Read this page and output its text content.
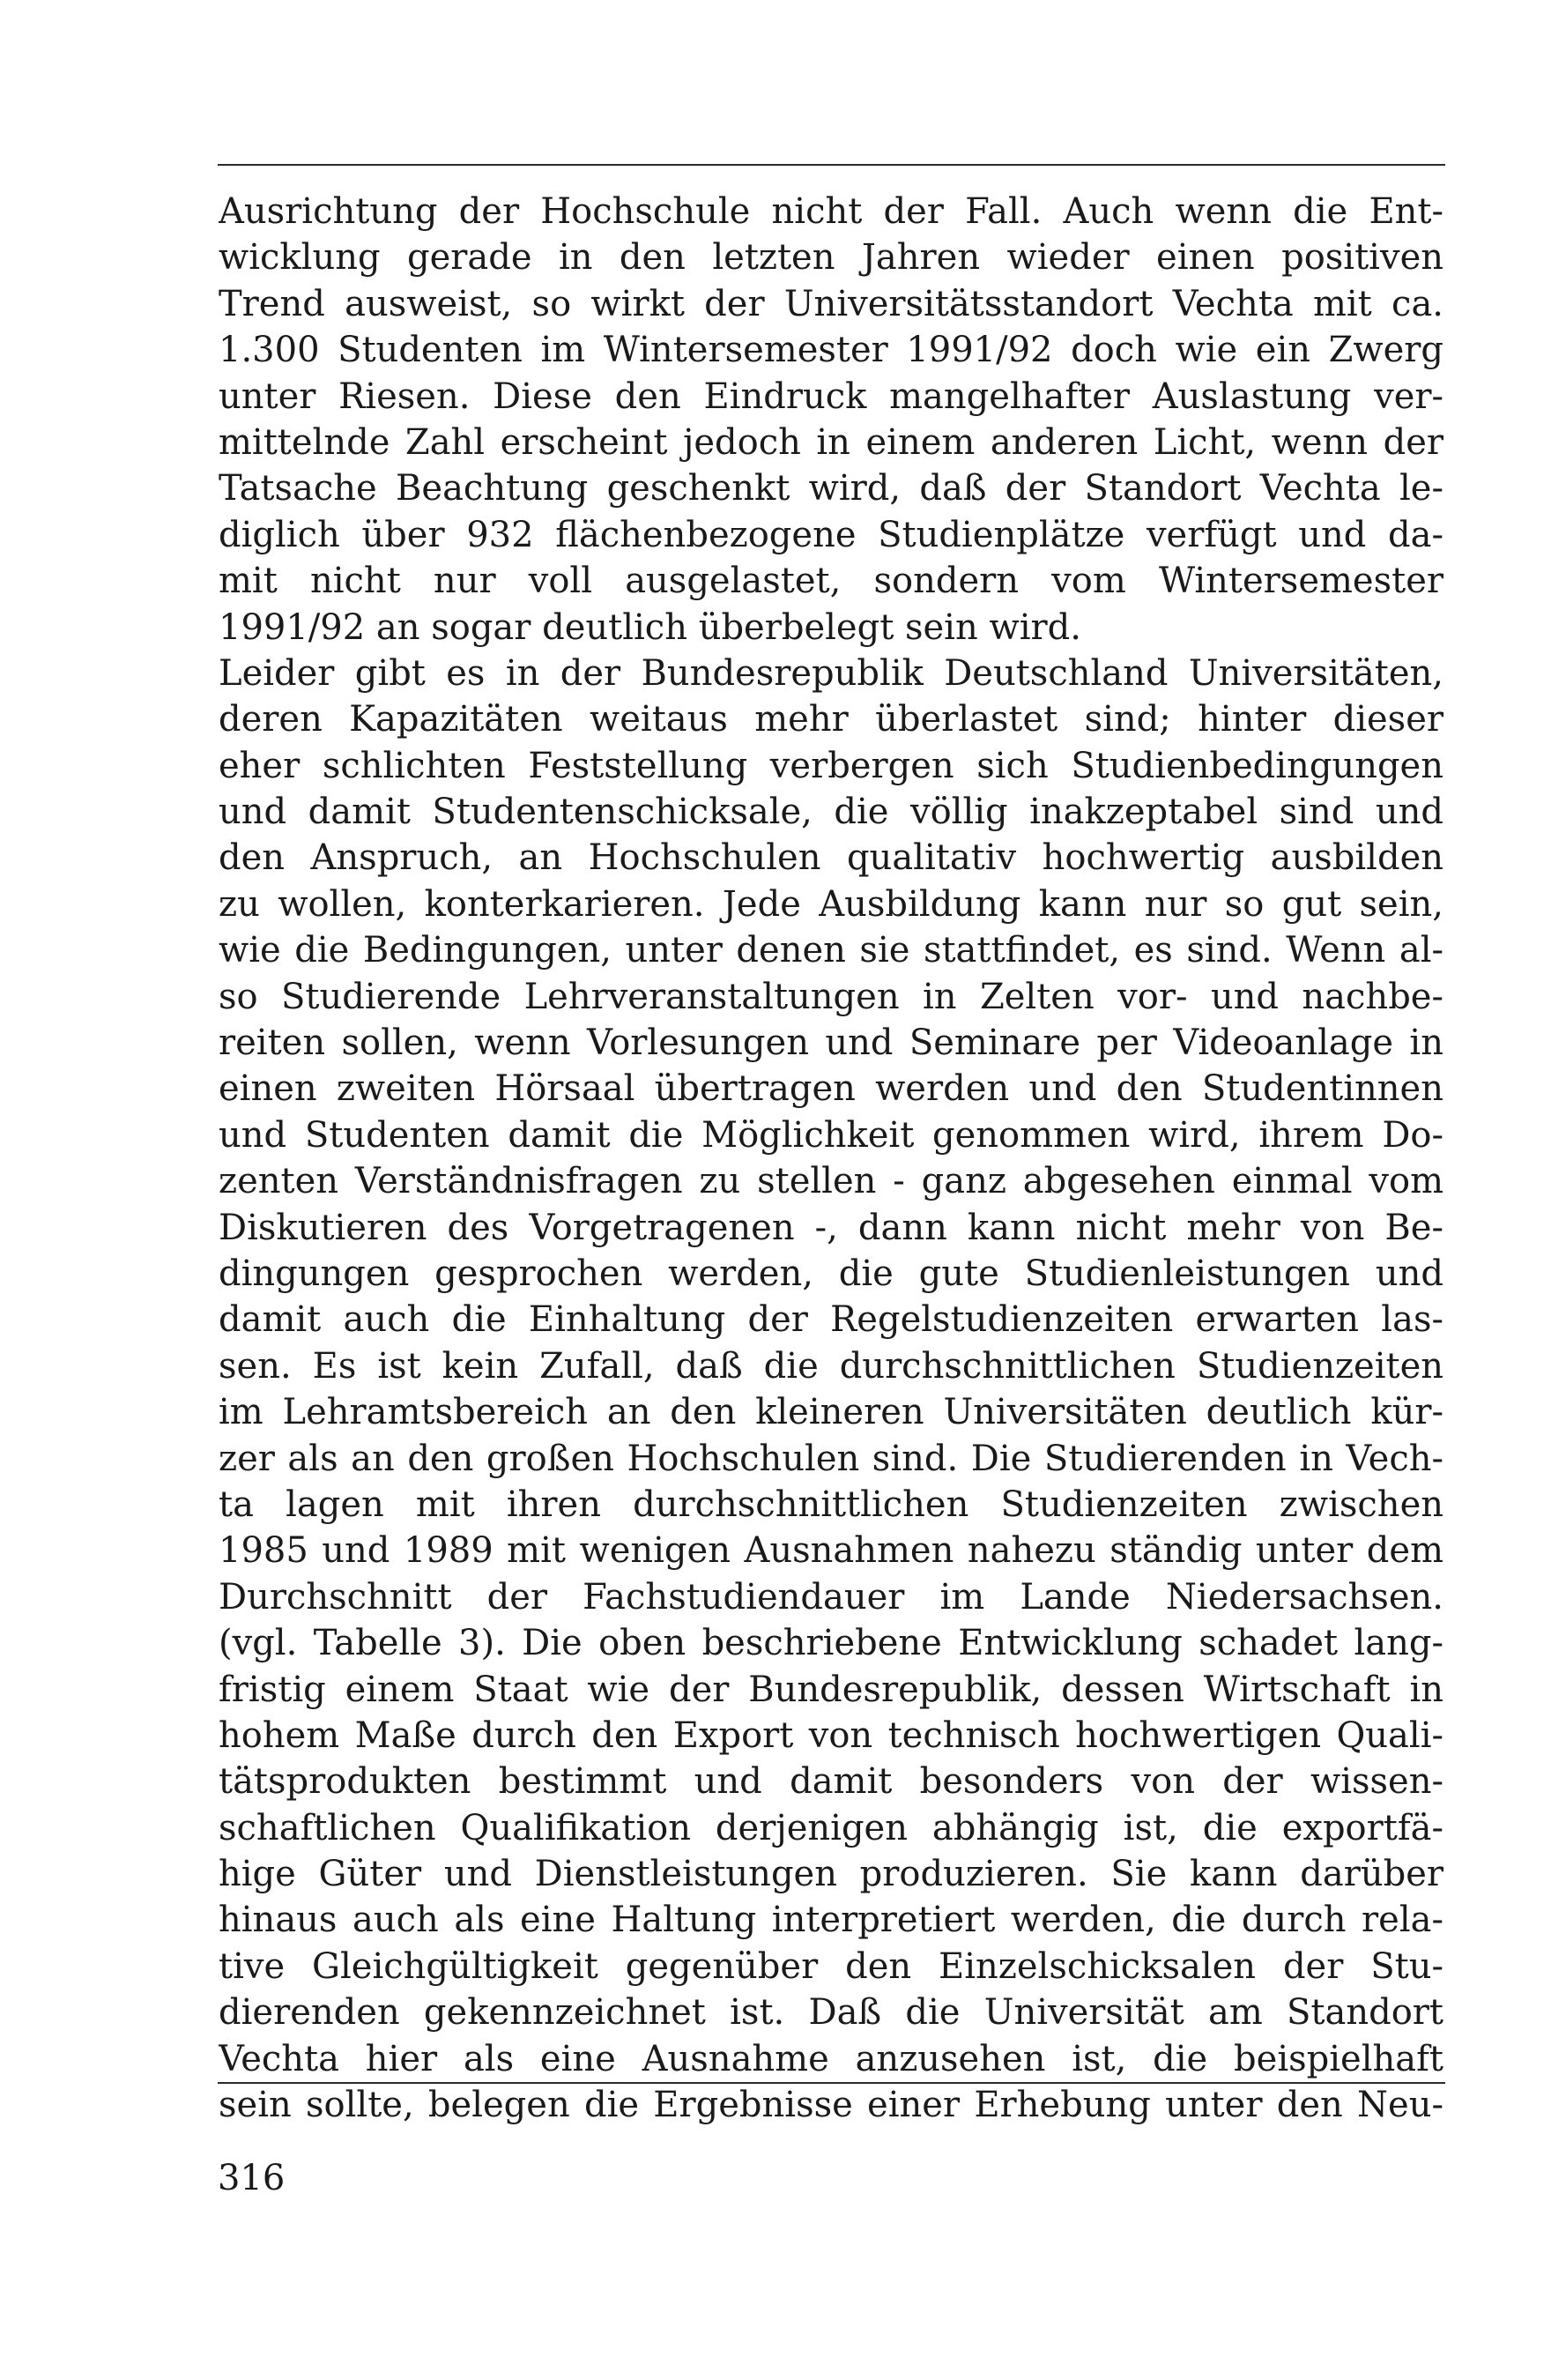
Ausrichtung der Hochschule nicht der Fall. Auch wenn die Ent-
wicklung gerade in den letzten Jahren wieder einen positiven
Trend ausweist, so wirkt der Universitätsstandort Vechta mit ca.
1.300 Studenten im Wintersemester 1991/92 doch wie ein Zwerg
unter Riesen. Diese den Eindruck mangelhafter Auslastung ver-
mittelnde Zahl erscheint jedoch in einem anderen Licht, wenn der
Tatsache Beachtung geschenkt wird, daß der Standort Vechta le-
diglich über 932 flächenbezogene Studienplätze verfügt und da-
mit nicht nur voll ausgelastet, sondern vom Wintersemester
1991/92 an sogar deutlich überbelegt sein wird.
Leider gibt es in der Bundesrepublik Deutschland Universitäten,
deren Kapazitäten weitaus mehr überlastet sind; hinter dieser
eher schlichten Feststellung verbergen sich Studienbedingungen
und damit Studentenschicksale, die völlig inakzeptabel sind und
den Anspruch, an Hochschulen qualitativ hochwertig ausbilden
zu wollen, konterkarieren. Jede Ausbildung kann nur so gut sein,
wie die Bedingungen, unter denen sie stattfindet, es sind. Wenn al-
so Studierende Lehrveranstaltungen in Zelten vor- und nachbe-
reiten sollen, wenn Vorlesungen und Seminare per Videoanlage in
einen zweiten Hörsaal übertragen werden und den Studentinnen
und Studenten damit die Möglichkeit genommen wird, ihrem Do-
zenten Verständnisfragen zu stellen - ganz abgesehen einmal vom
Diskutieren des Vorgetragenen -, dann kann nicht mehr von Be-
dingungen gesprochen werden, die gute Studienleistungen und
damit auch die Einhaltung der Regelstudienzeiten erwarten las-
sen. Es ist kein Zufall, daß die durchschnittlichen Studienzeiten
im Lehramtsbereich an den kleineren Universitäten deutlich kür-
zer als an den großen Hochschulen sind. Die Studierenden in Vech-
ta lagen mit ihren durchschnittlichen Studienzeiten zwischen
1985 und 1989 mit wenigen Ausnahmen nahezu ständig unter dem
Durchschnitt der Fachstudiendauer im Lande Niedersachsen.
(vgl. Tabelle 3). Die oben beschriebene Entwicklung schadet lang-
fristig einem Staat wie der Bundesrepublik, dessen Wirtschaft in
hohem Maße durch den Export von technisch hochwertigen Quali-
tätsprodukten bestimmt und damit besonders von der wissen-
schaftlichen Qualifikation derjenigen abhängig ist, die exportfä-
hige Güter und Dienstleistungen produzieren. Sie kann darüber
hinaus auch als eine Haltung interpretiert werden, die durch rela-
tive Gleichgültigkeit gegenüber den Einzelschicksalen der Stu-
dierenden gekennzeichnet ist. Daß die Universität am Standort
Vechta hier als eine Ausnahme anzusehen ist, die beispielhaft
sein sollte, belegen die Ergebnisse einer Erhebung unter den Neu-
316
